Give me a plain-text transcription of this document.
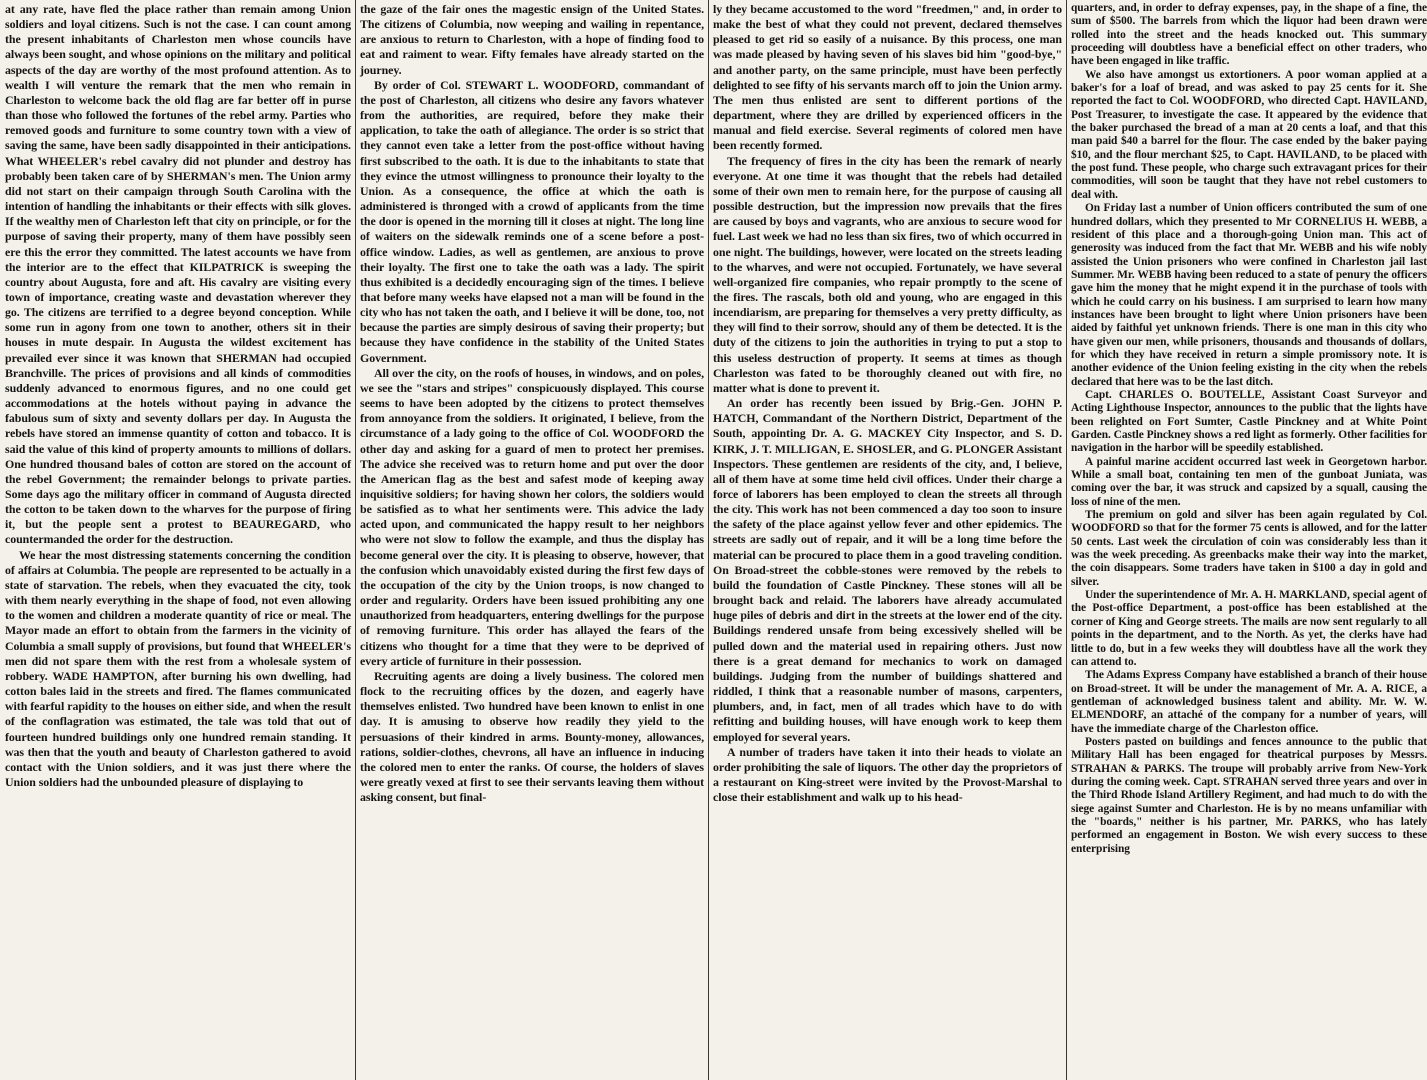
at any rate, have fled the place rather than remain among Union soldiers and loyal citizens. Such is not the case. I can count among the present inhabitants of Charleston men whose councils have always been sought, and whose opinions on the military and political aspects of the day are worthy of the most profound attention. As to wealth I will venture the remark that the men who remain in Charleston to welcome back the old flag are far better off in purse than those who followed the fortunes of the rebel army. Parties who removed goods and furniture to some country town with a view of saving the same, have been sadly disappointed in their anticipations. What WHEELER's rebel cavalry did not plunder and destroy has probably been taken care of by SHERMAN's men. The Union army did not start on their campaign through South Carolina with the intention of handling the inhabitants or their effects with silk gloves. If the wealthy men of Charleston left that city on principle, or for the purpose of saving their property, many of them have possibly seen ere this the error they committed. The latest accounts we have from the interior are to the effect that KILPATRICK is sweeping the country about Augusta, fore and aft. His cavalry are visiting every town of importance, creating waste and devastation wherever they go. The citizens are terrified to a degree beyond conception. While some run in agony from one town to another, others sit in their houses in mute despair. In Augusta the wildest excitement has prevailed ever since it was known that SHERMAN had occupied Branchville. The prices of provisions and all kinds of commodities suddenly advanced to enormous figures, and no one could get accommodations at the hotels without paying in advance the fabulous sum of sixty and seventy dollars per day. In Augusta the rebels have stored an immense quantity of cotton and tobacco. It is said the value of this kind of property amounts to millions of dollars. One hundred thousand bales of cotton are stored on the account of the rebel Government; the remainder belongs to private parties. Some days ago the military officer in command of Augusta directed the cotton to be taken down to the wharves for the purpose of firing it, but the people sent a protest to BEAUREGARD, who countermanded the order for the destruction.

We hear the most distressing statements concerning the condition of affairs at Columbia. The people are represented to be actually in a state of starvation. The rebels, when they evacuated the city, took with them nearly everything in the shape of food, not even allowing to the women and children a moderate quantity of rice or meal. The Mayor made an effort to obtain from the farmers in the vicinity of Columbia a small supply of provisions, but found that WHEELER's men did not spare them with the rest from a wholesale system of robbery. WADE HAMPTON, after burning his own dwelling, had cotton bales laid in the streets and fired. The flames communicated with fearful rapidity to the houses on either side, and when the result of the conflagration was estimated, the tale was told that out of fourteen hundred buildings only one hundred remain standing. It was then that the youth and beauty of Charleston gathered to avoid contact with the Union soldiers, and it was just there where the Union soldiers had the unbounded pleasure of displaying to

the gaze of the fair ones the magestic ensign of the United States. The citizens of Columbia, now weeping and wailing in repentance, are anxious to return to Charleston, with a hope of finding food to eat and raiment to wear. Fifty females have already started on the journey.

By order of Col. STEWART L. WOODFORD, commandant of the post of Charleston, all citizens who desire any favors whatever from the authorities, are required, before they make their application, to take the oath of allegiance. The order is so strict that they cannot even take a letter from the post-office without having first subscribed to the oath. It is due to the inhabitants to state that they evince the utmost willingness to pronounce their loyalty to the Union. As a consequence, the office at which the oath is administered is thronged with a crowd of applicants from the time the door is opened in the morning till it closes at night. The long line of waiters on the sidewalk reminds one of a scene before a post-office window. Ladies, as well as gentlemen, are anxious to prove their loyalty. The first one to take the oath was a lady. The spirit thus exhibited is a decidedly encouraging sign of the times. I believe that before many weeks have elapsed not a man will be found in the city who has not taken the oath, and I believe it will be done, too, not because the parties are simply desirous of saving their property; but because they have confidence in the stability of the United States Government.

All over the city, on the roofs of houses, in windows, and on poles, we see the "stars and stripes" conspicuously displayed. This course seems to have been adopted by the citizens to protect themselves from annoyance from the soldiers. It originated, I believe, from the circumstance of a lady going to the office of Col. WOODFORD the other day and asking for a guard of men to protect her premises. The advice she received was to return home and put over the door the American flag as the best and safest mode of keeping away inquisitive soldiers; for having shown her colors, the soldiers would be satisfied as to what her sentiments were. This advice the lady acted upon, and communicated the happy result to her neighbors who were not slow to follow the example, and thus the display has become general over the city. It is pleasing to observe, however, that the confusion which unavoidably existed during the first few days of the occupation of the city by the Union troops, is now changed to order and regularity. Orders have been issued prohibiting any one unauthorized from headquarters, entering dwellings for the purpose of removing furniture. This order has allayed the fears of the citizens who thought for a time that they were to be deprived of every article of furniture in their possession.

Recruiting agents are doing a lively business. The colored men flock to the recruiting offices by the dozen, and eagerly have themselves enlisted. Two hundred have been known to enlist in one day. It is amusing to observe how readily they yield to the persuasions of their kindred in arms. Bounty-money, allowances, rations, soldier-clothes, chevrons, all have an influence in inducing the colored men to enter the ranks. Of course, the holders of slaves were greatly vexed at first to see their servants leaving them without asking consent, but final-

ly they became accustomed to the word "freedmen," and, in order to make the best of what they could not prevent, declared themselves pleased to get rid so easily of a nuisance. By this process, one man was made pleased by having seven of his slaves bid him "good-bye," and another party, on the same principle, must have been perfectly delighted to see fifty of his servants march off to join the Union army. The men thus enlisted are sent to different portions of the department, where they are drilled by experienced officers in the manual and field exercise. Several regiments of colored men have been recently formed.

The frequency of fires in the city has been the remark of nearly everyone. At one time it was thought that the rebels had detailed some of their own men to remain here, for the purpose of causing all possible destruction, but the impression now prevails that the fires are caused by boys and vagrants, who are anxious to secure wood for fuel. Last week we had no less than six fires, two of which occurred in one night. The buildings, however, were located on the streets leading to the wharves, and were not occupied. Fortunately, we have several well-organized fire companies, who repair promptly to the scene of the fires. The rascals, both old and young, who are engaged in this incendiarism, are preparing for themselves a very pretty difficulty, as they will find to their sorrow, should any of them be detected. It is the duty of the citizens to join the authorities in trying to put a stop to this useless destruction of property. It seems at times as though Charleston was fated to be thoroughly cleaned out with fire, no matter what is done to prevent it.

An order has recently been issued by Brig.-Gen. JOHN P. HATCH, Commandant of the Northern District, Department of the South, appointing Dr. A. G. MACKEY City Inspector, and S. D. KIRK, J. T. MILLIGAN, E. SHOSLER, and G. PLONGER Assistant Inspectors. These gentlemen are residents of the city, and, I believe, all of them have at some time held civil offices. Under their charge a force of laborers has been employed to clean the streets all through the city. This work has not been commenced a day too soon to insure the safety of the place against yellow fever and other epidemics. The streets are sadly out of repair, and it will be a long time before the material can be procured to place them in a good traveling condition. On Broad-street the cobble-stones were removed by the rebels to build the foundation of Castle Pinckney. These stones will all be brought back and relaid. The laborers have already accumulated huge piles of debris and dirt in the streets at the lower end of the city. Buildings rendered unsafe from being excessively shelled will be pulled down and the material used in repairing others. Just now there is a great demand for mechanics to work on damaged buildings. Judging from the number of buildings shattered and riddled, I think that a reasonable number of masons, carpenters, plumbers, and, in fact, men of all trades which have to do with refitting and building houses, will have enough work to keep them employed for several years.

A number of traders have taken it into their heads to violate an order prohibiting the sale of liquors. The other day the proprietors of a restaurant on King-street were invited by the Provost-Marshal to close their establishment and walk up to his head-

quarters, and, in order to defray expenses, pay, in the shape of a fine, the sum of $500. The barrels from which the liquor had been drawn were rolled into the street and the heads knocked out. This summary proceeding will doubtless have a beneficial effect on other traders, who have been engaged in like traffic.

We also have amongst us extortioners. A poor woman applied at a baker's for a loaf of bread, and was asked to pay 25 cents for it. She reported the fact to Col. WOODFORD, who directed Capt. HAVILAND, Post Treasurer, to investigate the case. It appeared by the evidence that the baker purchased the bread of a man at 20 cents a loaf, and that this man paid $40 a barrel for the flour. The case ended by the baker paying $10, and the flour merchant $25, to Capt. HAVILAND, to be placed with the post fund. These people, who charge such extravagant prices for their commodities, will soon be taught that they have not rebel customers to deal with.

On Friday last a number of Union officers contributed the sum of one hundred dollars, which they presented to Mr CORNELIUS H. WEBB, a resident of this place and a thorough-going Union man. This act of generosity was induced from the fact that Mr. WEBB and his wife nobly assisted the Union prisoners who were confined in Charleston jail last Summer. Mr. WEBB having been reduced to a state of penury the officers gave him the money that he might expend it in the purchase of tools with which he could carry on his business. I am surprised to learn how many instances have been brought to light where Union prisoners have been aided by faithful yet unknown friends. There is one man in this city who have given our men, while prisoners, thousands and thousands of dollars, for which they have received in return a simple promissory note. It is another evidence of the Union feeling existing in the city when the rebels declared that here was to be the last ditch.

Capt. CHARLES O. BOUTELLE, Assistant Coast Surveyor and Acting Lighthouse Inspector, announces to the public that the lights have been relighted on Fort Sumter, Castle Pinckney and at White Point Garden. Castle Pinckney shows a red light as formerly. Other facilities for navigation in the harbor will be speedily established.

A painful marine accident occurred last week in Georgetown harbor. While a small boat, containing ten men of the gunboat Juniata, was coming over the bar, it was struck and capsized by a squall, causing the loss of nine of the men.

The premium on gold and silver has been again regulated by Col. WOODFORD so that for the former 75 cents is allowed, and for the latter 50 cents. Last week the circulation of coin was considerably less than it was the week preceding. As greenbacks make their way into the market, the coin disappears. Some traders have taken in $100 a day in gold and silver.

Under the superintendence of Mr. A. H. MARKLAND, special agent of the Post-office Department, a post-office has been established at the corner of King and George streets. The mails are now sent regularly to all points in the department, and to the North. As yet, the clerks have had little to do, but in a few weeks they will doubtless have all the work they can attend to.

The Adams Express Company have established a branch of their house on Broad-street. It will be under the management of Mr. A. A. RICE, a gentleman of acknowledged business talent and ability. Mr. W. W. ELMENDORF, an attaché of the company for a number of years, will have the immediate charge of the Charleston office.

Posters pasted on buildings and fences announce to the public that Military Hall has been engaged for theatrical purposes by Messrs. STRAHAN & PARKS. The troupe will probably arrive from New-York during the coming week. Capt. STRAHAN served three years and over in the Third Rhode Island Artillery Regiment, and had much to do with the siege against Sumter and Charleston. He is by no means unfamiliar with the "boards," neither is his partner, Mr. PARKS, who has lately performed an engagement in Boston. We wish every success to these enterprising
